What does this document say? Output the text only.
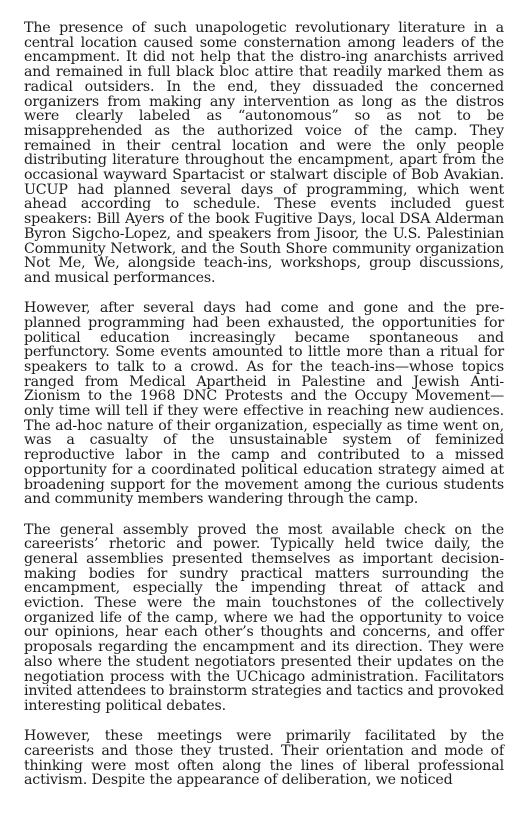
The presence of such unapologetic revolutionary literature in a central location caused some consternation among leaders of the encampment. It did not help that the distro-ing anarchists arrived and remained in full black bloc attire that readily marked them as radical outsiders. In the end, they dissuaded the concerned organizers from making any intervention as long as the distros were clearly labeled as “autonomous” so as not to be misapprehended as the authorized voice of the camp. They remained in their central location and were the only people distributing literature throughout the encampment, apart from the occasional wayward Spartacist or stalwart disciple of Bob Avakian. UCUP had planned several days of programming, which went ahead according to schedule. These events included guest speakers: Bill Ayers of the book Fugitive Days, local DSA Alderman Byron Sigcho-Lopez, and speakers from Jisoor, the U.S. Palestinian Community Network, and the South Shore community organization Not Me, We, alongside teach-ins, workshops, group discussions, and musical performances.

However, after several days had come and gone and the pre-planned programming had been exhausted, the opportunities for political education increasingly became spontaneous and perfunctory. Some events amounted to little more than a ritual for speakers to talk to a crowd. As for the teach-ins—whose topics ranged from Medical Apartheid in Palestine and Jewish Anti-Zionism to the 1968 DNC Protests and the Occupy Movement—only time will tell if they were effective in reaching new audiences. The ad-hoc nature of their organization, especially as time went on, was a casualty of the unsustainable system of feminized reproductive labor in the camp and contributed to a missed opportunity for a coordinated political education strategy aimed at broadening support for the movement among the curious students and community members wandering through the camp.

The general assembly proved the most available check on the careerists’ rhetoric and power. Typically held twice daily, the general assemblies presented themselves as important decision-making bodies for sundry practical matters surrounding the encampment, especially the impending threat of attack and eviction. These were the main touchstones of the collectively organized life of the camp, where we had the opportunity to voice our opinions, hear each other’s thoughts and concerns, and offer proposals regarding the encampment and its direction. They were also where the student negotiators presented their updates on the negotiation process with the UChicago administration. Facilitators invited attendees to brainstorm strategies and tactics and provoked interesting political debates.

However, these meetings were primarily facilitated by the careerists and those they trusted. Their orientation and mode of thinking were most often along the lines of liberal professional activism. Despite the appearance of deliberation, we noticed
